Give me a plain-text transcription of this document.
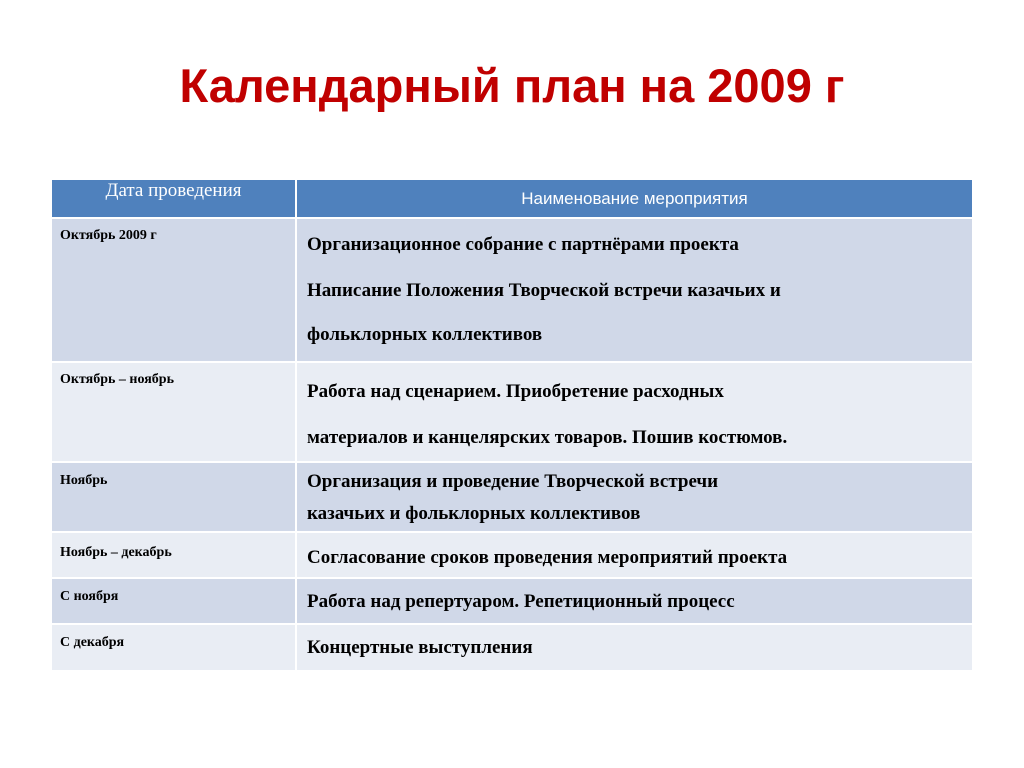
Календарный план на 2009 г
Дата проведения	Наименование мероприятия
Октябрь 2009 г	Организационное собрание с партнёрами проекта
Написание Положения Творческой встречи казачьих и
фольклорных коллективов

Октябрь – ноябрь	Работа над сценарием. Приобретение расходных
материалов и канцелярских товаров. Пошив костюмов.

Ноябрь	Организация и проведение Творческой встречи
казачьих и фольклорных коллективов

Ноябрь – декабрь	Согласование сроков проведения мероприятий проекта

С ноября	Работа над репертуаром. Репетиционный процесс

С декабря	Концертные выступления
